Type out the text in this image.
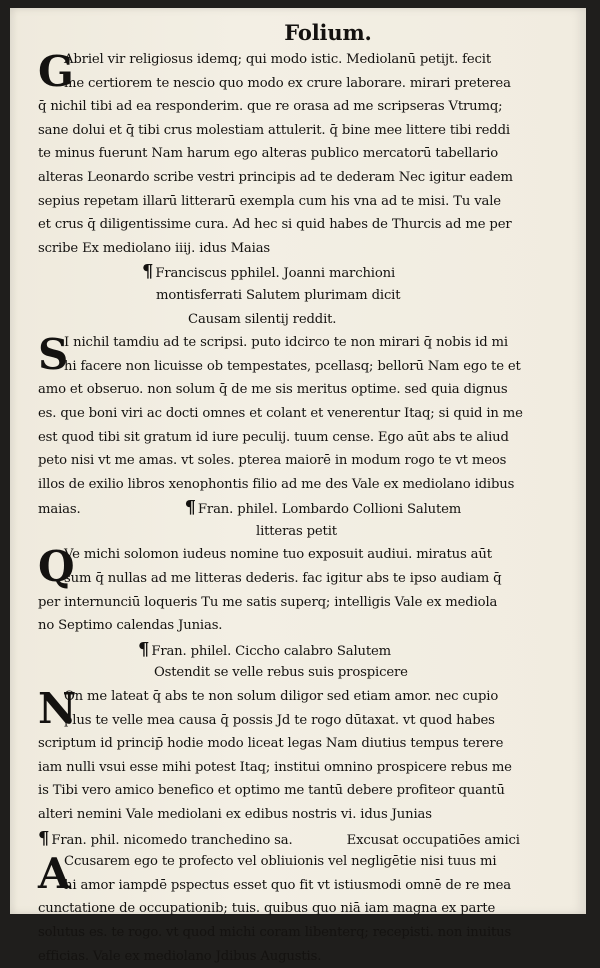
Folium.
G
Abriel vir religiosus idemq; qui modo istic. Mediolanū petijt. fecit
me certiorem te nescio quo modo ex crure laborare. mirari preterea
q̄ nichil tibi ad ea responderim. que re orasa ad me scripseras Vtrumq;
sane dolui et q̄ tibi crus molestiam attulerit. q̄ bine mee littere tibi reddi
te minus fuerunt Nam harum ego alteras publico mercatorū tabellario
alteras Leonardo scribe vestri principis ad te dederam Nec igitur eadem
sepius repetam illarū litterarū exempla cum his vna ad te misi. Tu vale
et crus q̄ diligentissime cura. Ad hec si quid habes de Thurcis ad me per
scribe Ex mediolano iiij. idus Maias
¶ Franciscus pphilel. Joanni marchioni
montisferrati Salutem plurimam dicit
Causam silentij reddit.
S
I nichil tamdiu ad te scripsi. puto idcirco te non mirari q̄ nobis id mi
hi facere non licuisse ob tempestates, pcellasq; bellorū Nam ego te et
amo et obseruo. non solum q̄ de me sis meritus optime. sed quia dignus
es. que boni viri ac docti omnes et colant et venerentur Itaq; si quid in me
est quod tibi sit gratum id iure peculij. tuum cense. Ego aūt abs te aliud
peto nisi vt me amas. vt soles. pterea maiorē in modum rogo te vt meos
illos de exilio libros xenophontis filio ad me des Vale ex mediolano idibus
maias.	¶ Fran. philel. Lombardo Collioni Salutem
litteras petit
Q
Ve michi solomon iudeus nomine tuo exposuit audiui. miratus aūt
sum q̄ nullas ad me litteras dederis. fac igitur abs te ipso audiam q̄
per internunciū loqueris Tu me satis superq; intelligis Vale ex mediola
no Septimo calendas Junias.
¶ Fran. philel. Ciccho calabro Salutem
Ostendit se velle rebus suis prospicere
N
On me lateat q̄ abs te non solum diligor sed etiam amor. nec cupio
plus te velle mea causa q̄ possis Jd te rogo dūtaxat. vt quod habes
scriptum id princip̄ hodie modo liceat legas Nam diutius tempus terere
iam nulli vsui esse mihi potest Itaq; institui omnino prospicere rebus me
is Tibi vero amico benefico et optimo me tantū debere profiteor quantū
alteri nemini Vale mediolani ex edibus nostris vi. idus Junias
¶ Fran. phil. nicomedo tranchedino sa.	Excusat occupatiōes amici
A
Ccusarem ego te profecto vel obliuionis vel negligētie nisi tuus mi
hi amor iampdē pspectus esset quo fit vt istiusmodi omnē de re mea
cunctatione de occupationib; tuis. quibus quo niā iam magna ex parte
solutus es. te rogo. vt quod michi coram libenterq; recepisti. non inuitus
efficias. Vale ex mediolano Jdibus Augustis.
